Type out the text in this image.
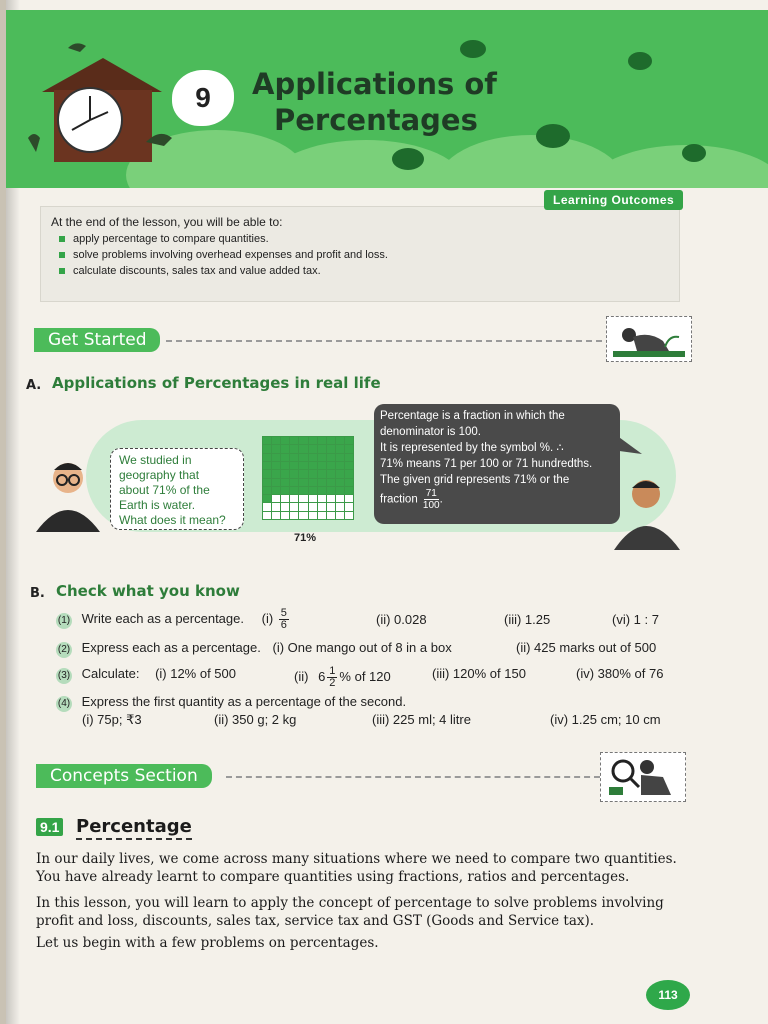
9	Applications of
Percentages
At the end of the lesson, you will be able to:
apply percentage to compare quantities.
solve problems involving overhead expenses and profit and loss.
calculate discounts, sales tax and value added tax.
Learning Outcomes
Get Started
A. Applications of Percentages in real life
We studied in
geography that
about 71% of the
Earth is water.
What does it mean?
71%
Percentage is a fraction in which the
denominator is 100.
It is represented by the symbol %. ∴
71% means 71 per 100 or 71 hundredths.
The given grid represents 71% or the
fraction $\frac{71}{100}$ .
B. Check what you know
(1) Write each as a percentage. $(i) \frac{5}{6}$	(ii) 0.028	(iii) 1.25	(vi) 1 : 7
(2) Express each as a percentage. (i) One mango out of 8 in a box	(ii) 425 marks out of 500
(3) Calculate: (i) 12% of 500	(ii) $6 \frac{1}{2}$ % of 120	(iii) 120% of 150	(iv) 380% of 76
(4) Express the first quantity as a percentage of the second.
(i) 75p; ₹3	(ii) 350 g; 2 kg	(iii) 225 ml; 4 litre	(iv) 1.25 cm; 10 cm
Concepts Section
9.1 Percentage
In our daily lives, we come across many situations where we need to compare two quantities.
You have already learnt to compare quantities using fractions, ratios and percentages.
In this lesson, you will learn to apply the concept of percentage to solve problems involving
profit and loss, discounts, sales tax, service tax and GST (Goods and Service tax).
Let us begin with a few problems on percentages.
113
